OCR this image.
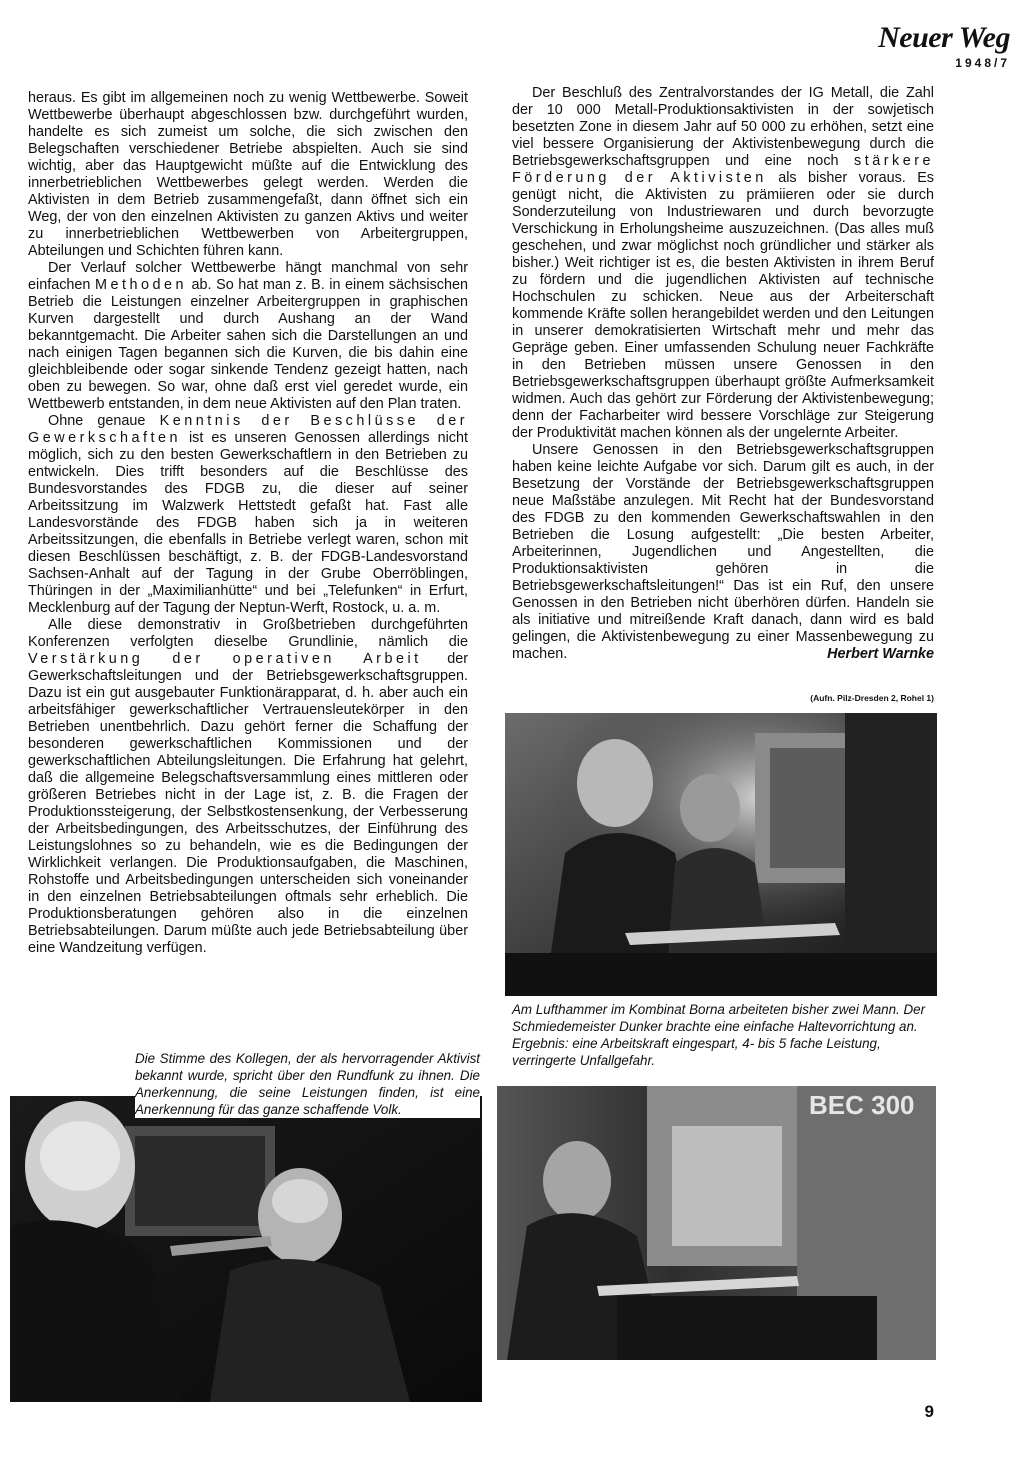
Neuer Weg
1948/7

heraus. Es gibt im allgemeinen noch zu wenig Wettbewerbe. Soweit Wettbewerbe überhaupt abgeschlossen bzw. durchgeführt wurden, handelte es sich zumeist um solche, die sich zwischen den Belegschaften verschiedener Betriebe abspielten. Auch sie sind wichtig, aber das Hauptgewicht müßte auf die Entwicklung des innerbetrieblichen Wettbewerbes gelegt werden. Werden die Aktivisten in dem Betrieb zusammengefaßt, dann öffnet sich ein Weg, der von den einzelnen Aktivisten zu ganzen Aktivs und weiter zu innerbetrieblichen Wettbewerben von Arbeitergruppen, Abteilungen und Schichten führen kann.

Der Verlauf solcher Wettbewerbe hängt manchmal von sehr einfachen Methoden ab. So hat man z. B. in einem sächsischen Betrieb die Leistungen einzelner Arbeitergruppen in graphischen Kurven dargestellt und durch Aushang an der Wand bekanntgemacht. Die Arbeiter sahen sich die Darstellungen an und nach einigen Tagen begannen sich die Kurven, die bis dahin eine gleichbleibende oder sogar sinkende Tendenz gezeigt hatten, nach oben zu bewegen. So war, ohne daß erst viel geredet wurde, ein Wettbewerb entstanden, in dem neue Aktivisten auf den Plan traten.

Ohne genaue Kenntnis der Beschlüsse der Gewerkschaften ist es unseren Genossen allerdings nicht möglich, sich zu den besten Gewerkschaftlern in den Betrieben zu entwickeln. Dies trifft besonders auf die Beschlüsse des Bundesvorstandes des FDGB zu, die dieser auf seiner Arbeitssitzung im Walzwerk Hettstedt gefaßt hat. Fast alle Landesvorstände des FDGB haben sich ja in weiteren Arbeitssitzungen, die ebenfalls in Betriebe verlegt waren, schon mit diesen Beschlüssen beschäftigt, z. B. der FDGB-Landesvorstand Sachsen-Anhalt auf der Tagung in der Grube Oberröblingen, Thüringen in der „Maximilianhütte“ und bei „Telefunken“ in Erfurt, Mecklenburg auf der Tagung der Neptun-Werft, Rostock, u. a. m.

Alle diese demonstrativ in Großbetrieben durchgeführten Konferenzen verfolgten dieselbe Grundlinie, nämlich die Verstärkung der operativen Arbeit der Gewerkschaftsleitungen und der Betriebsgewerkschaftsgruppen. Dazu ist ein gut ausgebauter Funktionärapparat, d. h. aber auch ein arbeitsfähiger gewerkschaftlicher Vertrauensleutekörper in den Betrieben unentbehrlich. Dazu gehört ferner die Schaffung der besonderen gewerkschaftlichen Kommissionen und der gewerkschaftlichen Abteilungsleitungen. Die Erfahrung hat gelehrt, daß die allgemeine Belegschaftsversammlung eines mittleren oder größeren Betriebes nicht in der Lage ist, z. B. die Fragen der Produktionssteigerung, der Selbstkostensenkung, der Verbesserung der Arbeitsbedingungen, des Arbeitsschutzes, der Einführung des Leistungslohnes so zu behandeln, wie es die Bedingungen der Wirklichkeit verlangen. Die Produktionsaufgaben, die Maschinen, Rohstoffe und Arbeitsbedingungen unterscheiden sich voneinander in den einzelnen Betriebsabteilungen oftmals sehr erheblich. Die Produktionsberatungen gehören also in die einzelnen Betriebsabteilungen. Darum müßte auch jede Betriebsabteilung über eine Wandzeitung verfügen.

Der Beschluß des Zentralvorstandes der IG Metall, die Zahl der 10 000 Metall-Produktionsaktivisten in der sowjetisch besetzten Zone in diesem Jahr auf 50 000 zu erhöhen, setzt eine viel bessere Organisierung der Aktivistenbewegung durch die Betriebsgewerkschaftsgruppen und eine noch stärkere Förderung der Aktivisten als bisher voraus. Es genügt nicht, die Aktivisten zu prämiieren oder sie durch Sonderzuteilung von Industriewaren und durch bevorzugte Verschickung in Erholungsheime auszuzeichnen. (Das alles muß geschehen, und zwar möglichst noch gründlicher und stärker als bisher.) Weit richtiger ist es, die besten Aktivisten in ihrem Beruf zu fördern und die jugendlichen Aktivisten auf technische Hochschulen zu schicken. Neue aus der Arbeiterschaft kommende Kräfte sollen herangebildet werden und den Leitungen in unserer demokratisierten Wirtschaft mehr und mehr das Gepräge geben. Einer umfassenden Schulung neuer Fachkräfte in den Betrieben müssen unsere Genossen in den Betriebsgewerkschaftsgruppen überhaupt größte Aufmerksamkeit widmen. Auch das gehört zur Förderung der Aktivistenbewegung; denn der Facharbeiter wird bessere Vorschläge zur Steigerung der Produktivität machen können als der ungelernte Arbeiter.

Unsere Genossen in den Betriebsgewerkschaftsgruppen haben keine leichte Aufgabe vor sich. Darum gilt es auch, in der Besetzung der Vorstände der Betriebsgewerkschaftsgruppen neue Maßstäbe anzulegen. Mit Recht hat der Bundesvorstand des FDGB zu den kommenden Gewerkschaftswahlen in den Betrieben die Losung aufgestellt: „Die besten Arbeiter, Arbeiterinnen, Jugendlichen und Angestellten, die Produktionsaktivisten gehören in die Betriebsgewerkschaftsleitungen!“ Das ist ein Ruf, den unsere Genossen in den Betrieben nicht überhören dürfen. Handeln sie als initiative und mitreißende Kraft danach, dann wird es bald gelingen, die Aktivistenbewegung zu einer Massenbewegung zu machen.	Herbert Warnke
(Aufn. Pilz-Dresden 2, Rohel 1)
Am Lufthammer im Kombinat Borna arbeiteten bisher zwei Mann. Der Schmiedemeister Dunker brachte eine einfache Haltevorrichtung an. Ergebnis: eine Arbeitskraft eingespart, 4- bis 5 fache Leistung, verringerte Unfallgefahr.
BEC 300
Die Stimme des Kollegen, der als hervorragender Aktivist bekannt wurde, spricht über den Rundfunk zu ihnen. Die Anerkennung, die seine Leistungen finden, ist eine Anerkennung für das ganze schaffende Volk.
9
